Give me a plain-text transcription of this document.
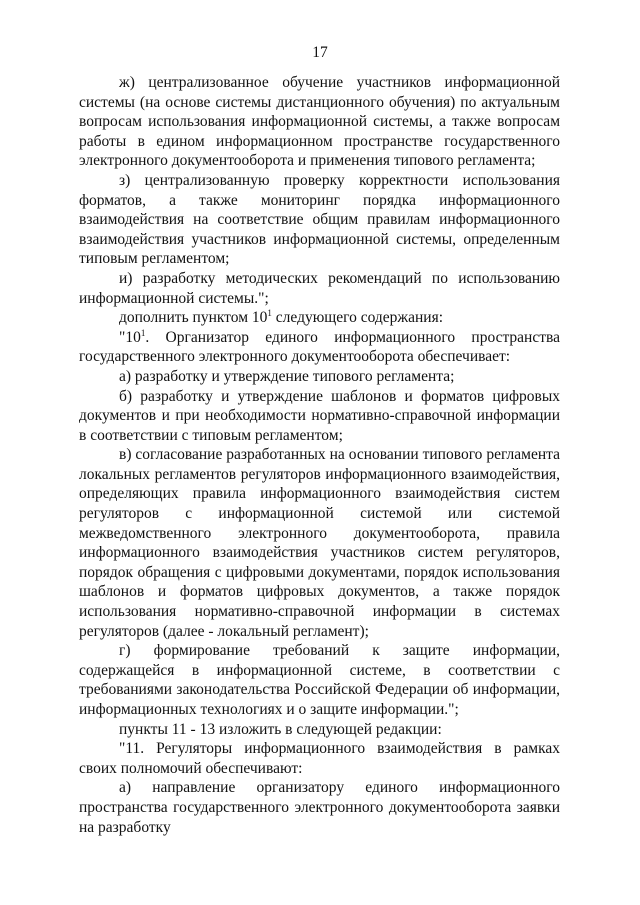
17

ж) централизованное обучение участников информационной системы (на основе системы дистанционного обучения) по актуальным вопросам использования информационной системы, а также вопросам работы в едином информационном пространстве государственного электронного документооборота и применения типового регламента;

з) централизованную проверку корректности использования форматов, а также мониторинг порядка информационного взаимодействия на соответствие общим правилам информационного взаимодействия участников информационной системы, определенным типовым регламентом;

и) разработку методических рекомендаций по использованию информационной системы.";

дополнить пунктом $10^1$ следующего содержания:

"$10^1$. Организатор единого информационного пространства государственного электронного документооборота обеспечивает:

а) разработку и утверждение типового регламента;

б) разработку и утверждение шаблонов и форматов цифровых документов и при необходимости нормативно-справочной информации в соответствии с типовым регламентом;

в) согласование разработанных на основании типового регламента локальных регламентов регуляторов информационного взаимодействия, определяющих правила информационного взаимодействия систем регуляторов с информационной системой или системой межведомственного электронного документооборота, правила информационного взаимодействия участников систем регуляторов, порядок обращения с цифровыми документами, порядок использования шаблонов и форматов цифровых документов, а также порядок использования нормативно-справочной информации в системах регуляторов (далее - локальный регламент);

г) формирование требований к защите информации, содержащейся в информационной системе, в соответствии с требованиями законодательства Российской Федерации об информации, информационных технологиях и о защите информации.";

пункты 11 - 13 изложить в следующей редакции:

"11. Регуляторы информационного взаимодействия в рамках своих полномочий обеспечивают:

а) направление организатору единого информационного пространства государственного электронного документооборота заявки на разработку
